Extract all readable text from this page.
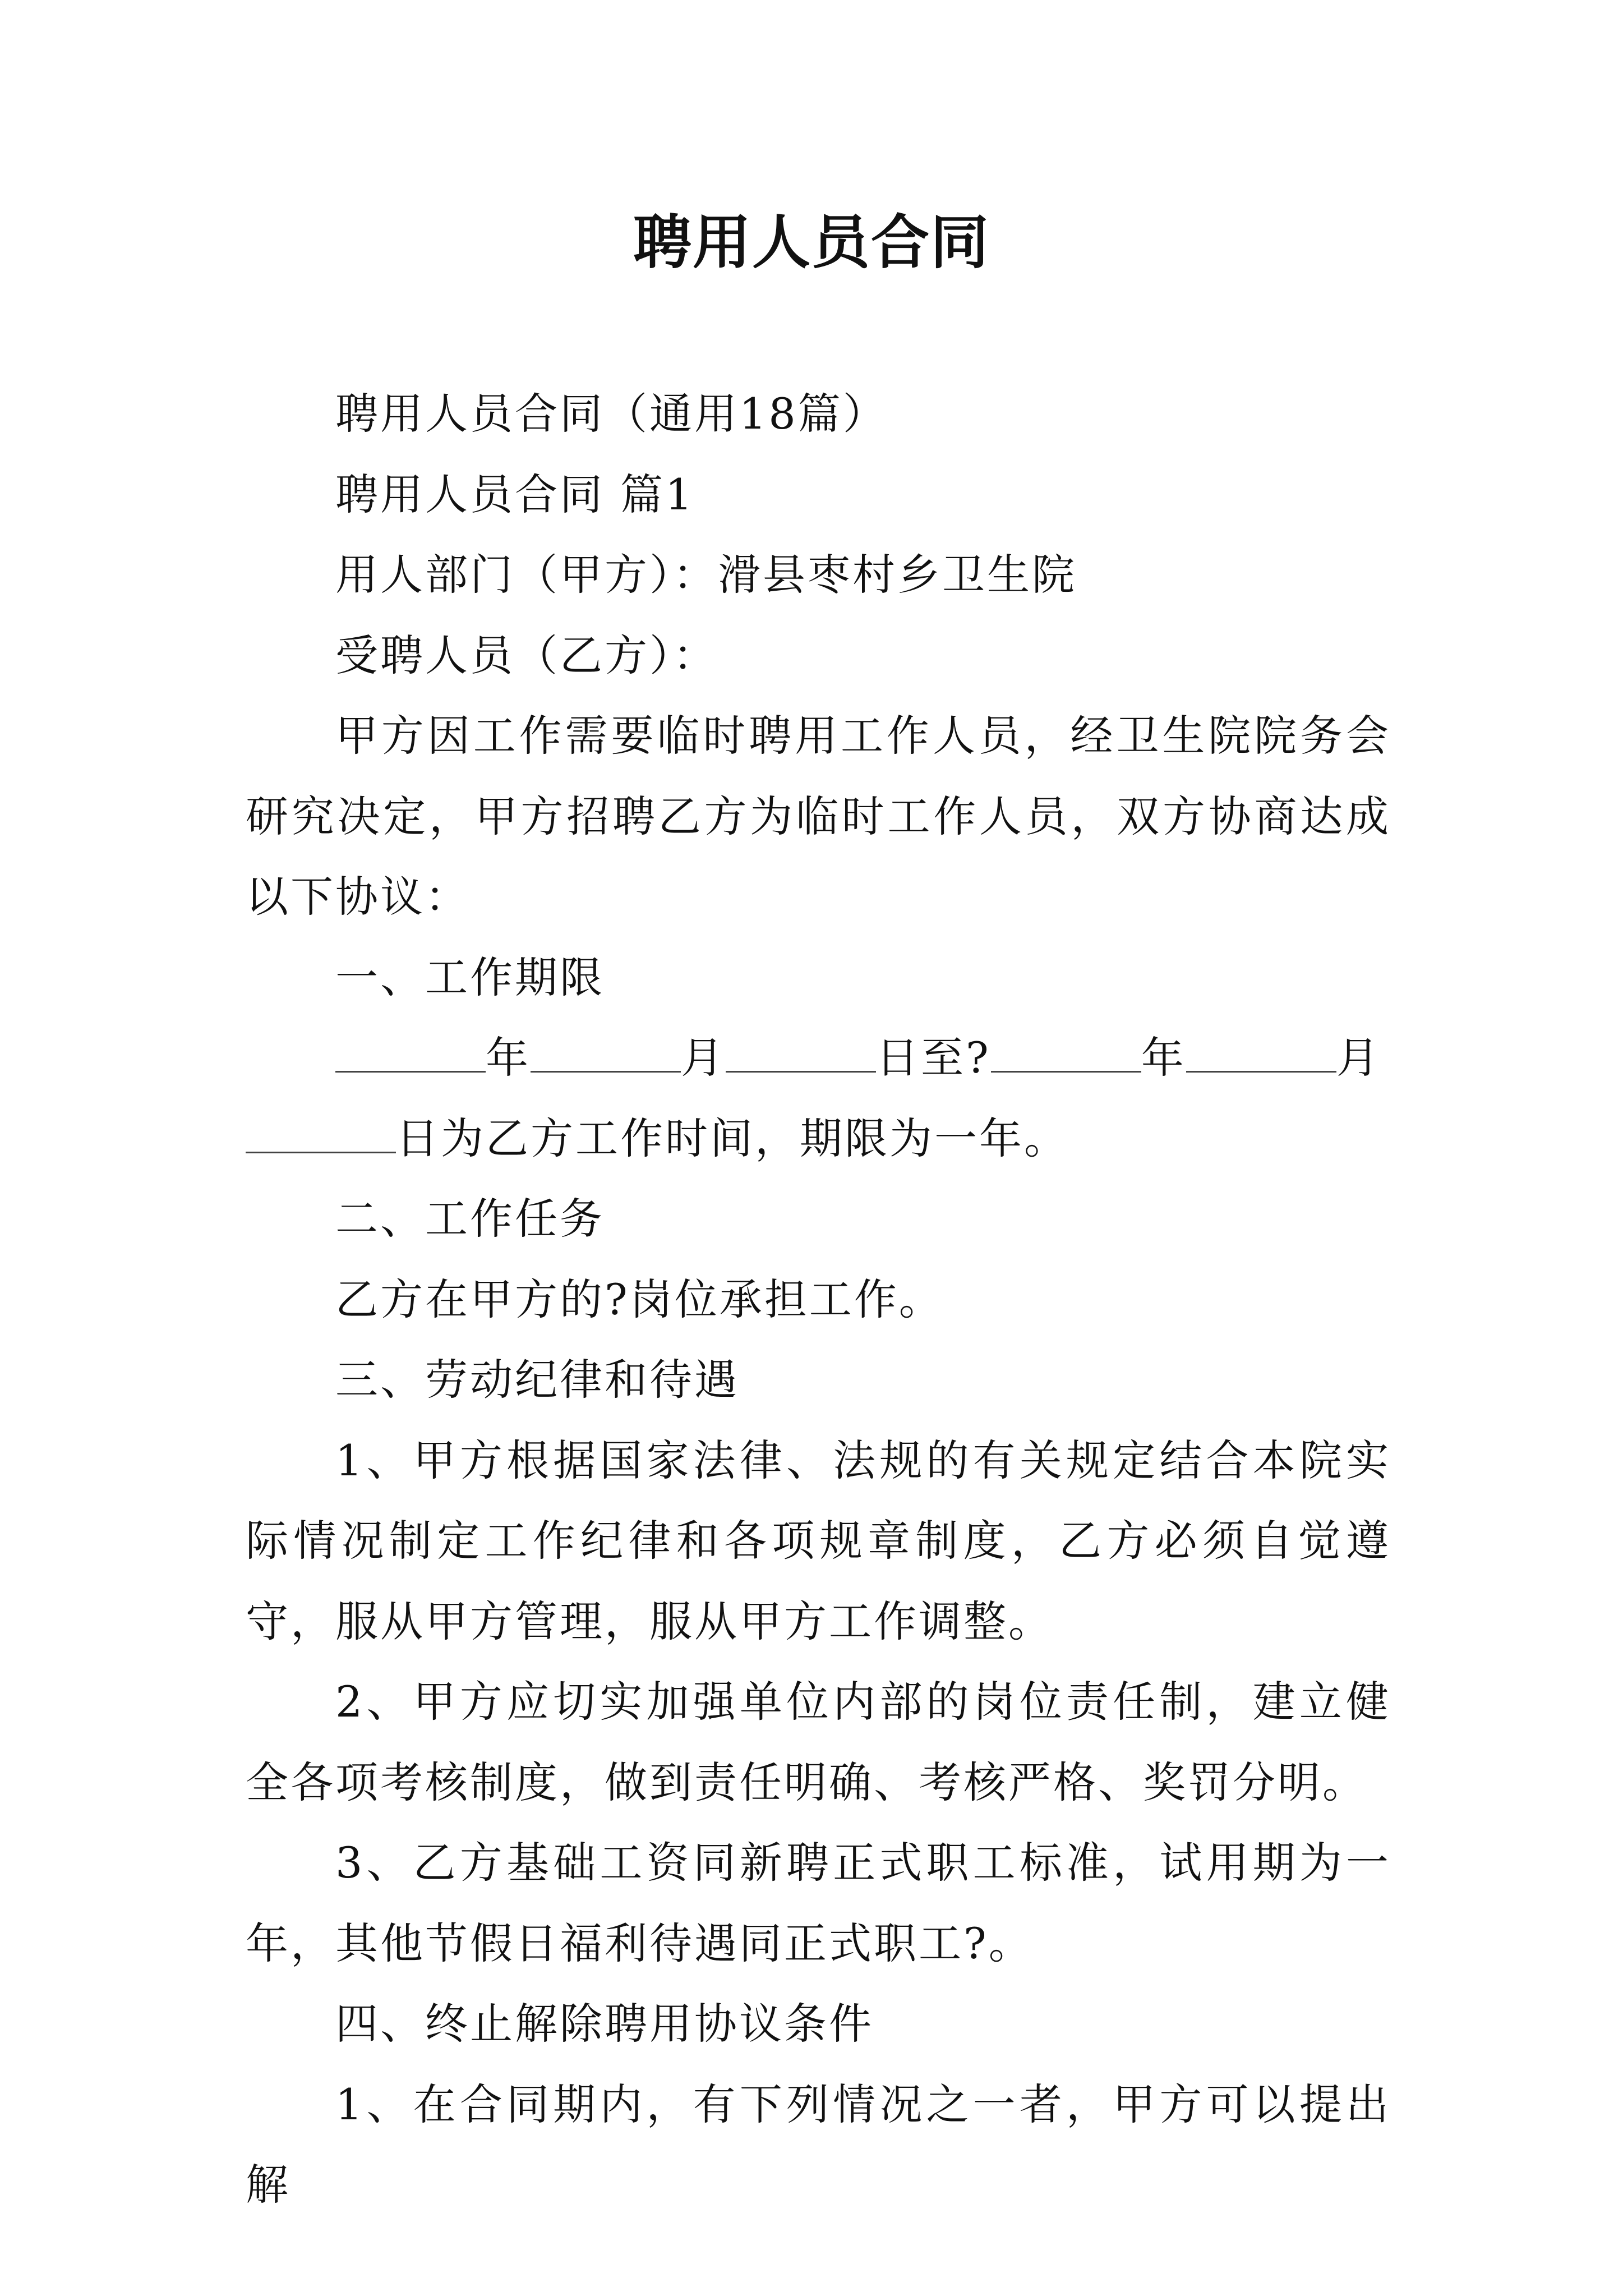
聘用人员合同

聘用人员合同（通用18篇）

聘用人员合同 篇1

用人部门（甲方）：滑县枣村乡卫生院

受聘人员（乙方）：

甲方因工作需要临时聘用工作人员，经卫生院院务会研究决定，甲方招聘乙方为临时工作人员，双方协商达成以下协议：

一、工作期限

年	月	日至?	年	月

日为乙方工作时间，期限为一年。

二、工作任务

乙方在甲方的?岗位承担工作。

三、劳动纪律和待遇

1、甲方根据国家法律、法规的有关规定结合本院实际情况制定工作纪律和各项规章制度，乙方必须自觉遵守，服从甲方管理，服从甲方工作调整。

2、甲方应切实加强单位内部的岗位责任制，建立健全各项考核制度，做到责任明确、考核严格、奖罚分明。

3、乙方基础工资同新聘正式职工标准，试用期为一年，其他节假日福利待遇同正式职工?。

四、终止解除聘用协议条件

1、在合同期内，有下列情况之一者，甲方可以提出解
